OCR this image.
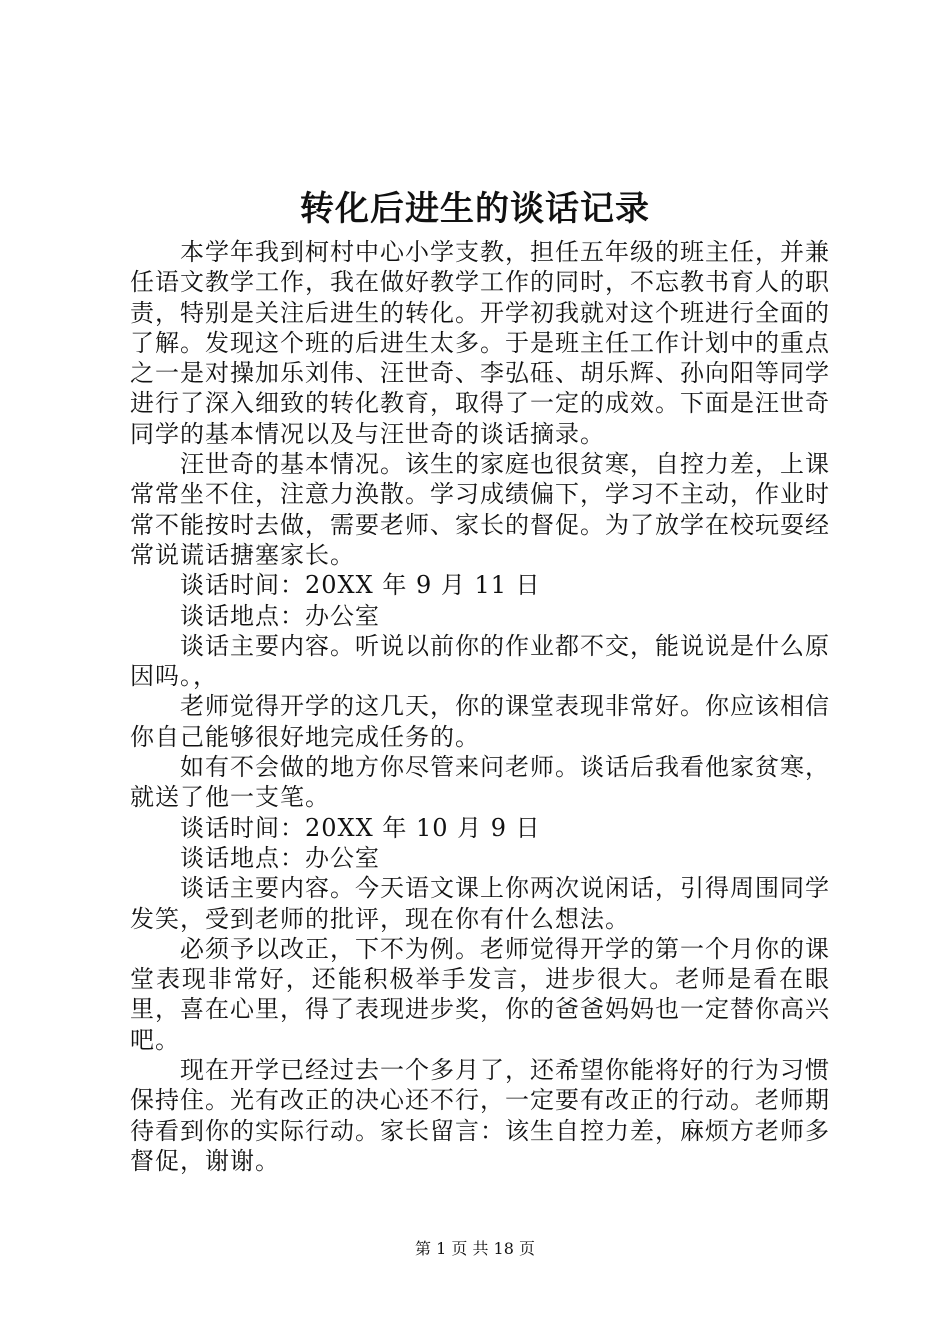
转化后进生的谈话记录

本学年我到柯村中心小学支教，担任五年级的班主任，并兼任语文教学工作，我在做好教学工作的同时，不忘教书育人的职责，特别是关注后进生的转化。开学初我就对这个班进行全面的了解。发现这个班的后进生太多。于是班主任工作计划中的重点之一是对操加乐刘伟、汪世奇、李弘砡、胡乐辉、孙向阳等同学进行了深入细致的转化教育，取得了一定的成效。下面是汪世奇同学的基本情况以及与汪世奇的谈话摘录。

汪世奇的基本情况。该生的家庭也很贫寒，自控力差，上课常常坐不住，注意力涣散。学习成绩偏下，学习不主动，作业时常不能按时去做，需要老师、家长的督促。为了放学在校玩耍经常说谎话搪塞家长。

谈话时间：20XX 年 9 月 11 日

谈话地点：办公室

谈话主要内容。听说以前你的作业都不交，能说说是什么原因吗。，

老师觉得开学的这几天，你的课堂表现非常好。你应该相信你自己能够很好地完成任务的。

如有不会做的地方你尽管来问老师。谈话后我看他家贫寒，就送了他一支笔。

谈话时间：20XX 年 10 月 9 日

谈话地点：办公室

谈话主要内容。今天语文课上你两次说闲话，引得周围同学发笑，受到老师的批评，现在你有什么想法。

必须予以改正，下不为例。老师觉得开学的第一个月你的课堂表现非常好，还能积极举手发言，进步很大。老师是看在眼里，喜在心里，得了表现进步奖，你的爸爸妈妈也一定替你高兴吧。

现在开学已经过去一个多月了，还希望你能将好的行为习惯保持住。光有改正的决心还不行，一定要有改正的行动。老师期待看到你的实际行动。家长留言：该生自控力差，麻烦方老师多督促，谢谢。

第 1 页 共 18 页
